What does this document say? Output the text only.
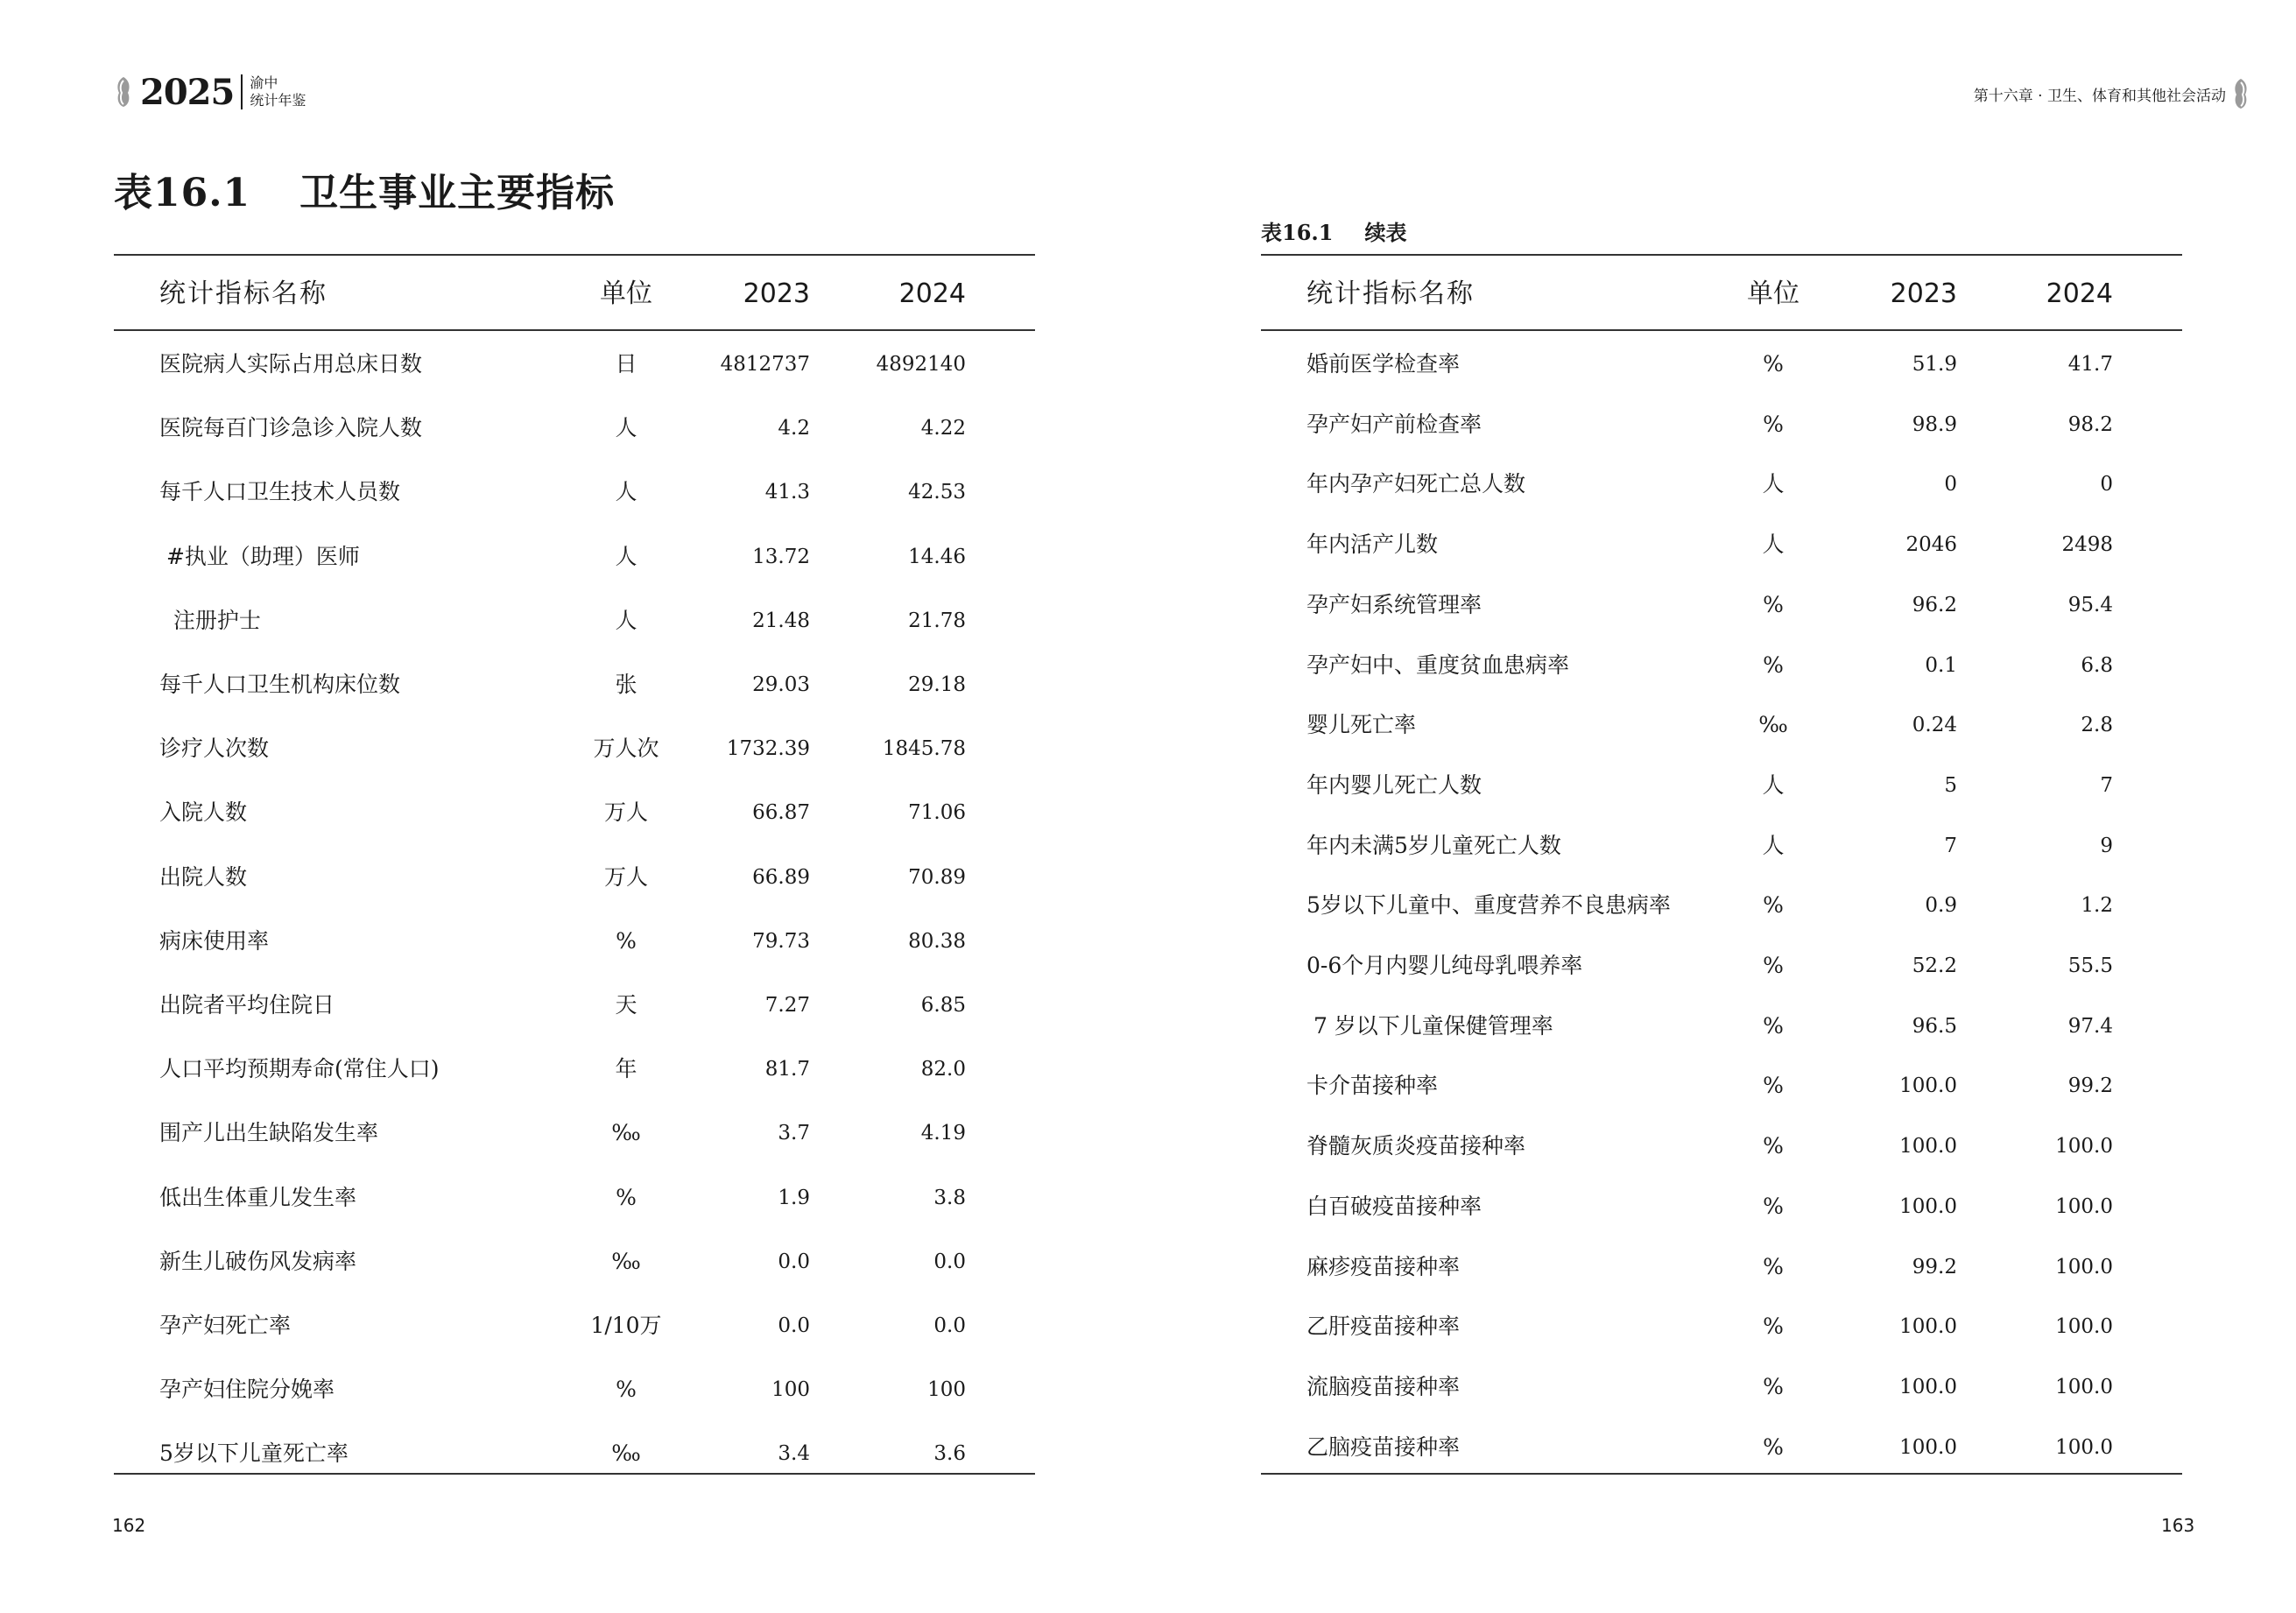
2025 渝中
统计年鉴
表16.1 卫生事业主要指标
统计指标名称	单位	2023	2024
医院病人实际占用总床日数	日	4812737	4892140
医院每百门诊急诊入院人数	人	4.2	4.22
每千人口卫生技术人员数	人	41.3	42.53
#执业（助理）医师	人	13.72	14.46
注册护士	人	21.48	21.78
每千人口卫生机构床位数	张	29.03	29.18
诊疗人次数	万人次	1732.39	1845.78
入院人数	万人	66.87	71.06
出院人数	万人	66.89	70.89
病床使用率	%	79.73	80.38
出院者平均住院日	天	7.27	6.85
人口平均预期寿命(常住人口)	年	81.7	82.0
围产儿出生缺陷发生率	‰	3.7	4.19
低出生体重儿发生率	%	1.9	3.8
新生儿破伤风发病率	‰	0.0	0.0
孕产妇死亡率	1/10万	0.0	0.0
孕产妇住院分娩率	%	100	100
5岁以下儿童死亡率	‰	3.4	3.6
162
第十六章 · 卫生、体育和其他社会活动
表16.1 续表
统计指标名称	单位	2023	2024
婚前医学检查率	%	51.9	41.7
孕产妇产前检查率	%	98.9	98.2
年内孕产妇死亡总人数	人	0	0
年内活产儿数	人	2046	2498
孕产妇系统管理率	%	96.2	95.4
孕产妇中、重度贫血患病率	%	0.1	6.8
婴儿死亡率	‰	0.24	2.8
年内婴儿死亡人数	人	5	7
年内未满5岁儿童死亡人数	人	7	9
5岁以下儿童中、重度营养不良患病率	%	0.9	1.2
0-6个月内婴儿纯母乳喂养率	%	52.2	55.5
7 岁以下儿童保健管理率	%	96.5	97.4
卡介苗接种率	%	100.0	99.2
脊髓灰质炎疫苗接种率	%	100.0	100.0
白百破疫苗接种率	%	100.0	100.0
麻疹疫苗接种率	%	99.2	100.0
乙肝疫苗接种率	%	100.0	100.0
流脑疫苗接种率	%	100.0	100.0
乙脑疫苗接种率	%	100.0	100.0
163
